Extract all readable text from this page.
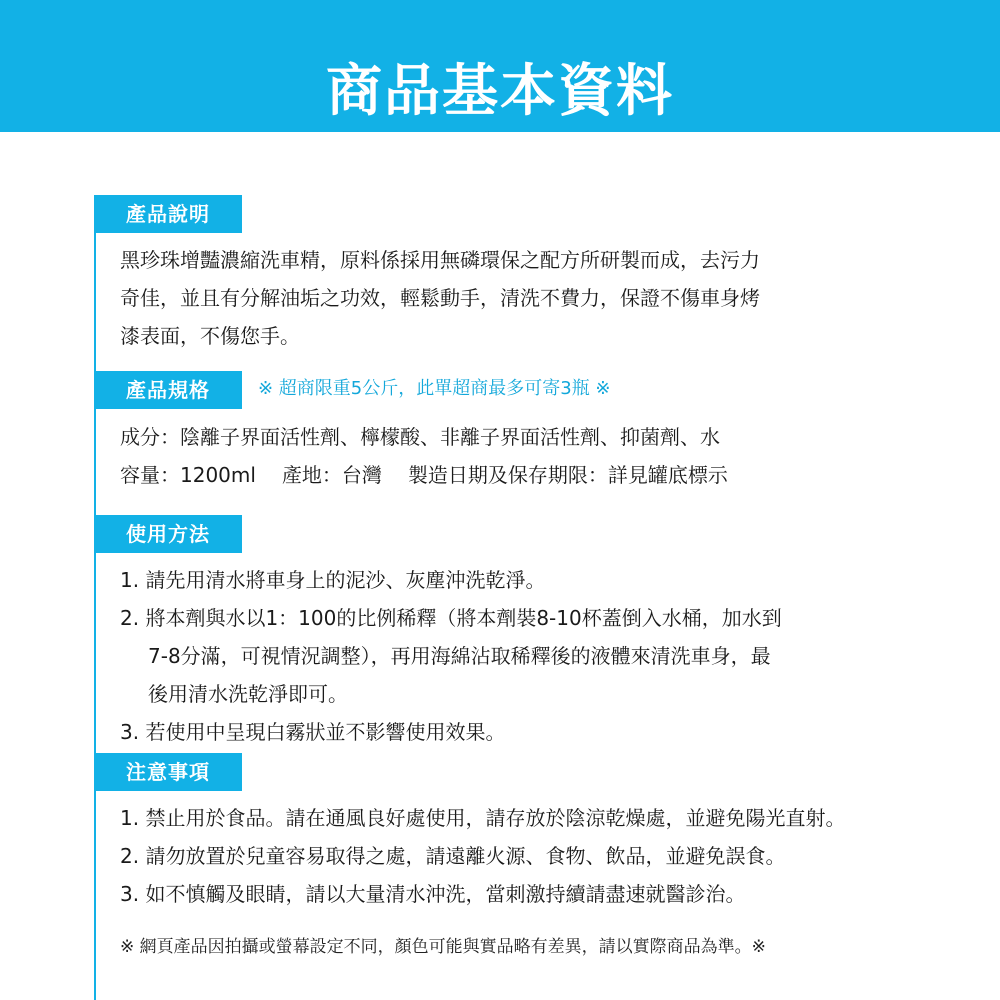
商品基本資料
產品說明
黑珍珠增豔濃縮洗車精，原料係採用無磷環保之配方所研製而成，去污力
奇佳，並且有分解油垢之功效，輕鬆動手，清洗不費力，保證不傷車身烤
漆表面，不傷您手。
產品規格	※ 超商限重5公斤，此單超商最多可寄3瓶 ※
成分：陰離子界面活性劑、檸檬酸、非離子界面活性劑、抑菌劑、水
容量：1200ml 產地：台灣 製造日期及保存期限：詳見罐底標示
使用方法
1. 請先用清水將車身上的泥沙、灰塵沖洗乾淨。
2. 將本劑與水以1：100的比例稀釋（將本劑裝8-10杯蓋倒入水桶，加水到
7-8分滿，可視情況調整），再用海綿沾取稀釋後的液體來清洗車身，最
後用清水洗乾淨即可。
3. 若使用中呈現白霧狀並不影響使用效果。
注意事項
1. 禁止用於食品。請在通風良好處使用，請存放於陰涼乾燥處，並避免陽光直射。
2. 請勿放置於兒童容易取得之處，請遠離火源、食物、飲品，並避免誤食。
3. 如不慎觸及眼睛，請以大量清水沖洗，當刺激持續請盡速就醫診治。
※ 網頁產品因拍攝或螢幕設定不同，顏色可能與實品略有差異，請以實際商品為準。※
